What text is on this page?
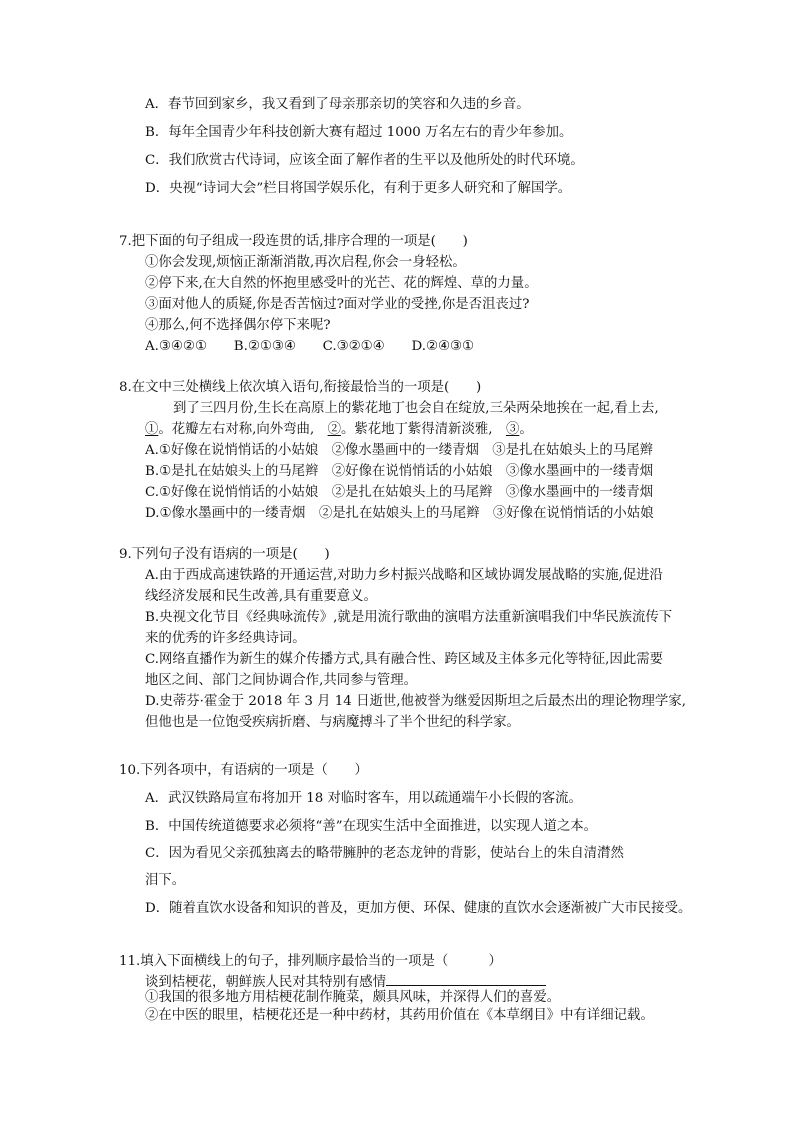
A．春节回到家乡，我又看到了母亲那亲切的笑容和久违的乡音。
B．每年全国青少年科技创新大赛有超过 1000 万名左右的青少年参加。
C．我们欣赏古代诗词，应该全面了解作者的生平以及他所处的时代环境。
D．央视“诗词大会”栏目将国学娱乐化，有利于更多人研究和了解国学。
7.把下面的句子组成一段连贯的话,排序合理的一项是(　　)
①你会发现,烦恼正渐渐消散,再次启程,你会一身轻松。
②停下来,在大自然的怀抱里感受叶的光芒、花的辉煌、草的力量。
③面对他人的质疑,你是否苦恼过?面对学业的受挫,你是否沮丧过?
④那么,何不选择偶尔停下来呢?
A.③④②①　　B.②①③④　　C.③②①④　　D.②④③①
8.在文中三处横线上依次填入语句,衔接最恰当的一项是(　　)
到了三四月份,生长在高原上的紫花地丁也会自在绽放,三朵两朵地挨在一起,看上去,
①。花瓣左右对称,向外弯曲,　 ②。紫花地丁紫得清新淡雅,　 ③。
A.①好像在说悄悄话的小姑娘　②像水墨画中的一缕青烟　③是扎在姑娘头上的马尾辫
B.①是扎在姑娘头上的马尾辫　②好像在说悄悄话的小姑娘　③像水墨画中的一缕青烟
C.①好像在说悄悄话的小姑娘　②是扎在姑娘头上的马尾辫　③像水墨画中的一缕青烟
D.①像水墨画中的一缕青烟　②是扎在姑娘头上的马尾辫　③好像在说悄悄话的小姑娘
9.下列句子没有语病的一项是(　　)
A.由于西成高速铁路的开通运营,对助力乡村振兴战略和区域协调发展战略的实施,促进沿
线经济发展和民生改善,具有重要意义。
B.央视文化节目《经典咏流传》,就是用流行歌曲的演唱方法重新演唱我们中华民族流传下
来的优秀的许多经典诗词。
C.网络直播作为新生的媒介传播方式,具有融合性、跨区域及主体多元化等特征,因此需要
地区之间、部门之间协调合作,共同参与管理。
D.史蒂芬·霍金于 2018 年 3 月 14 日逝世,他被誉为继爱因斯坦之后最杰出的理论物理学家,
但他也是一位饱受疾病折磨、与病魔搏斗了半个世纪的科学家。
10.下列各项中，有语病的一项是（　　）
A．武汉铁路局宣布将加开 18 对临时客车，用以疏通端午小长假的客流。
B．中国传统道德要求必须将“善”在现实生活中全面推进，以实现人道之本。
C．因为看见父亲孤独离去的略带臃肿的老态龙钟的背影，使站台上的朱自清潸然
泪下。
D．随着直饮水设备和知识的普及，更加方便、环保、健康的直饮水会逐渐被广大市民接受。
11.填入下面横线上的句子，排列顺序最恰当的一项是（　　　）
谈到桔梗花，朝鲜族人民对其特别有感情
①我国的很多地方用桔梗花制作腌菜，颇具风味，并深得人们的喜爱。
②在中医的眼里，桔梗花还是一种中药材，其药用价值在《本草纲目》中有详细记载。
